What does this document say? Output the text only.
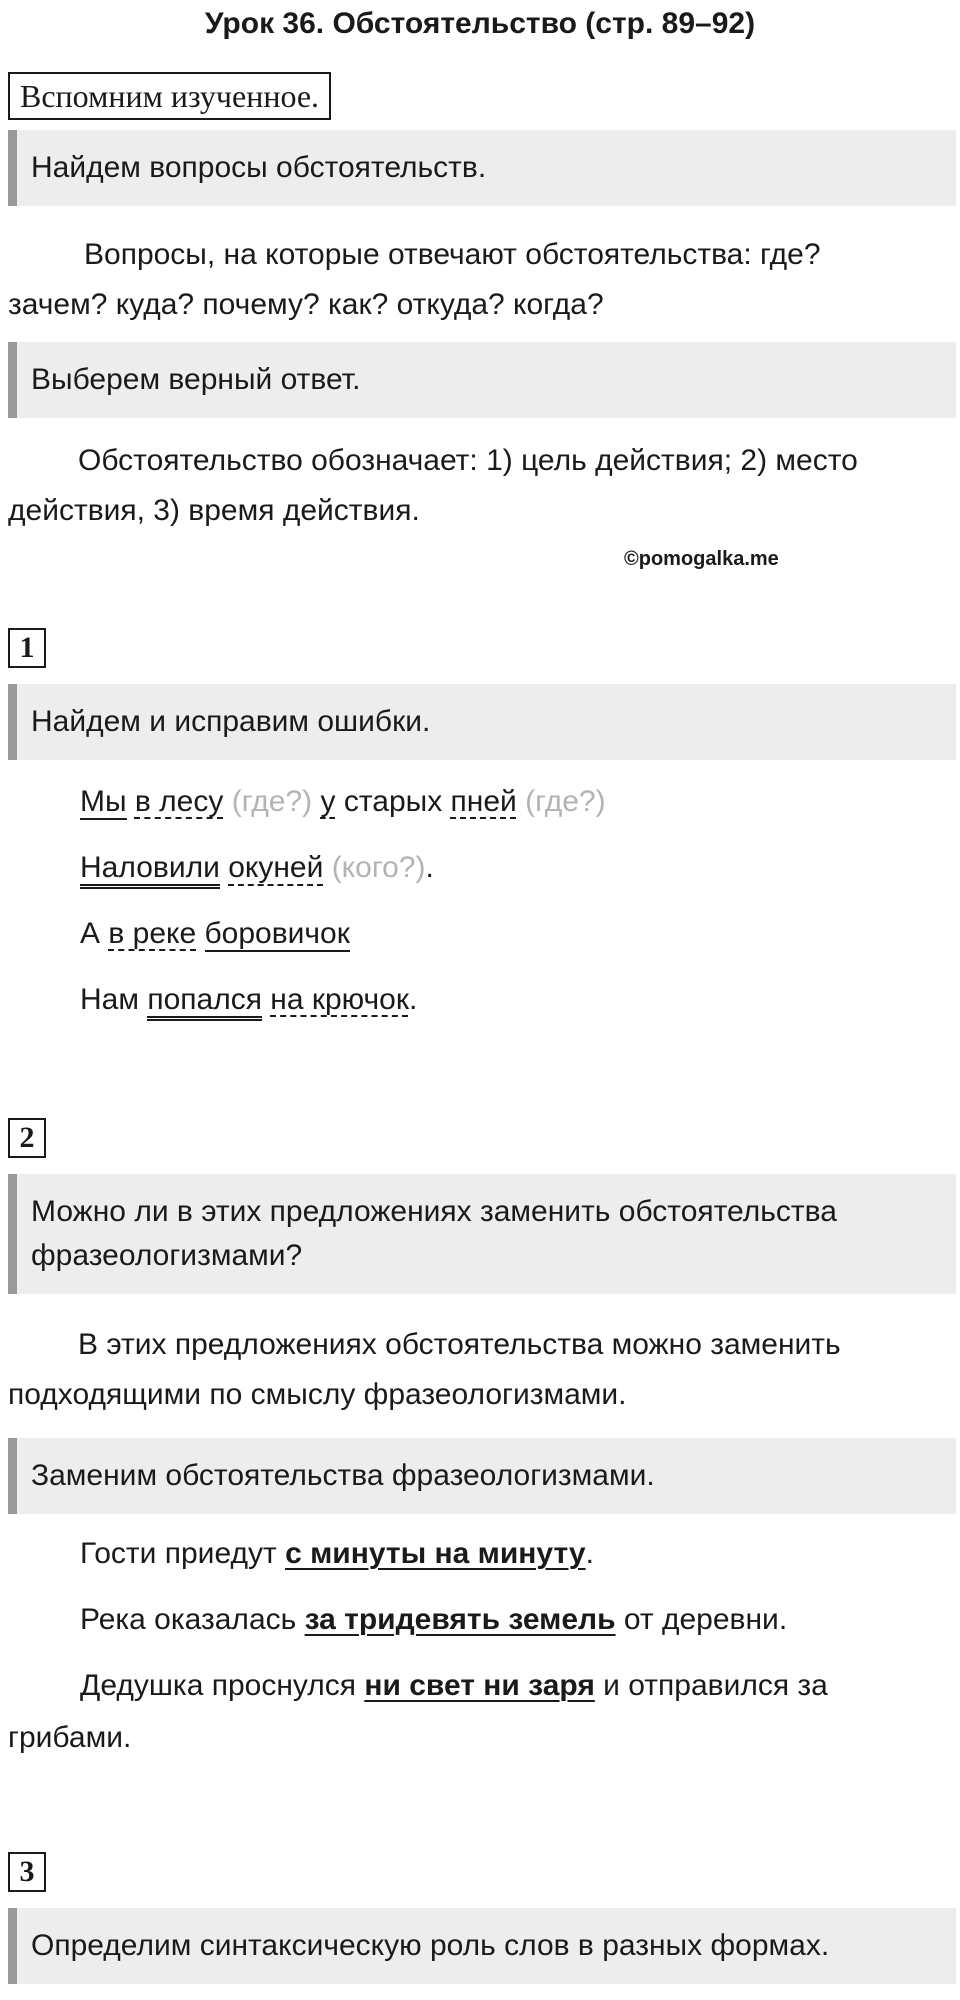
Урок 36. Обстоятельство (стр. 89–92)
Вспомним изученное.
Найдем вопросы обстоятельств.
Вопросы, на которые отвечают обстоятельства: где?
зачем? куда? почему? как? откуда? когда?
Выберем верный ответ.
Обстоятельство обозначает: 1) цель действия; 2) место
действия, 3) время действия.
©pomogalka.me
1
Найдем и исправим ошибки.
Мы в лесу (где?) у старых пней (где?)
Наловили окуней (кого?).
А в реке боровичок
Нам попался на крючок.
2
Можно ли в этих предложениях заменить обстоятельства
фразеологизмами?
В этих предложениях обстоятельства можно заменить
подходящими по смыслу фразеологизмами.
Заменим обстоятельства фразеологизмами.
Гости приедут с минуты на минуту.
Река оказалась за тридевять земель от деревни.
Дедушка проснулся ни свет ни заря и отправился за
грибами.
3
Определим синтаксическую роль слов в разных формах.
